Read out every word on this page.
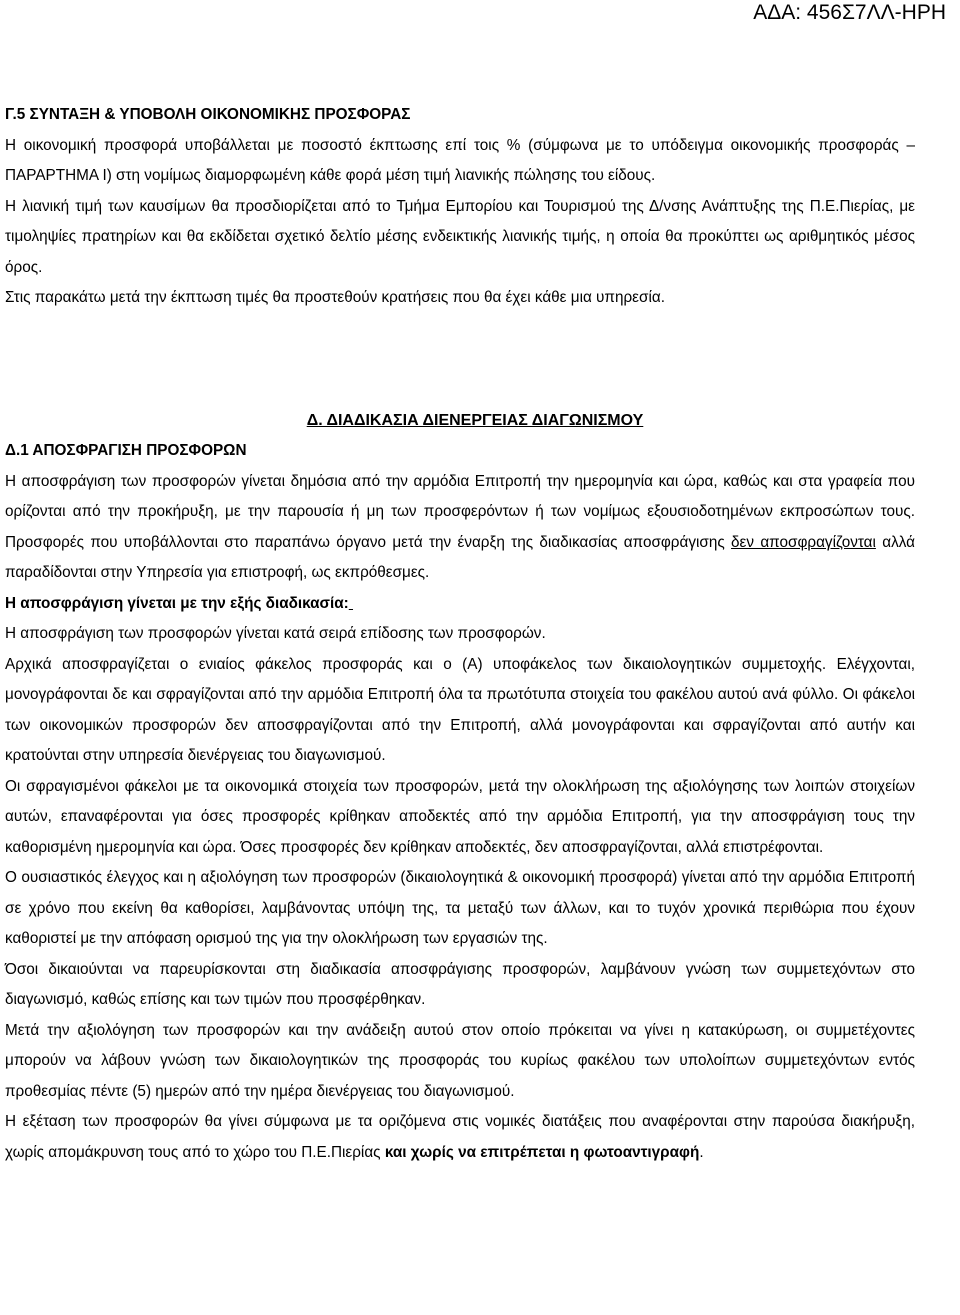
ΑΔΑ: 456Σ7ΛΛ-ΗΡΗ

Γ.5 ΣΥΝΤΑΞΗ & ΥΠΟΒΟΛΗ ΟΙΚΟΝΟΜΙΚΗΣ ΠΡΟΣΦΟΡΑΣ

Η οικονομική προσφορά υποβάλλεται με ποσοστό έκπτωσης επί τοις % (σύμφωνα με το υπόδειγμα οικονομικής προσφοράς – ΠΑΡΑΡΤΗΜΑ Ι) στη νομίμως διαμορφωμένη κάθε φορά μέση τιμή λιανικής πώλησης του είδους.

Η λιανική τιμή των καυσίμων θα προσδιορίζεται από το Τμήμα Εμπορίου και Τουρισμού της Δ/νσης Ανάπτυξης της Π.Ε.Πιερίας, με τιμοληψίες πρατηρίων και θα εκδίδεται σχετικό δελτίο μέσης ενδεικτικής λιανικής τιμής, η οποία θα προκύπτει ως αριθμητικός μέσος όρος.

Στις παρακάτω μετά την έκπτωση τιμές θα προστεθούν κρατήσεις που θα έχει κάθε μια υπηρεσία.

Δ. ΔΙΑΔΙΚΑΣΙΑ ΔΙΕΝΕΡΓΕΙΑΣ ΔΙΑΓΩΝΙΣΜΟΥ

Δ.1 ΑΠΟΣΦΡΑΓΙΣΗ ΠΡΟΣΦΟΡΩΝ

Η αποσφράγιση των προσφορών γίνεται δημόσια από την αρμόδια Επιτροπή την ημερομηνία και ώρα, καθώς και στα γραφεία που ορίζονται από την προκήρυξη, με την παρουσία ή μη των προσφερόντων ή των νομίμως εξουσιοδοτημένων εκπροσώπων τους. Προσφορές που υποβάλλονται στο παραπάνω όργανο μετά την έναρξη της διαδικασίας αποσφράγισης δεν αποσφραγίζονται αλλά παραδίδονται στην Υπηρεσία για επιστροφή, ως εκπρόθεσμες.

Η αποσφράγιση γίνεται με την εξής διαδικασία:

Η αποσφράγιση των προσφορών γίνεται κατά σειρά επίδοσης των προσφορών.

Αρχικά αποσφραγίζεται ο ενιαίος φάκελος προσφοράς και ο (Α) υποφάκελος των δικαιολογητικών συμμετοχής. Ελέγχονται, μονογράφονται δε και σφραγίζονται από την αρμόδια Επιτροπή όλα τα πρωτότυπα στοιχεία του φακέλου αυτού ανά φύλλο. Οι φάκελοι των οικονομικών προσφορών δεν αποσφραγίζονται από την Επιτροπή, αλλά μονογράφονται και σφραγίζονται από αυτήν και κρατούνται στην υπηρεσία διενέργειας του διαγωνισμού.

Οι σφραγισμένοι φάκελοι με τα οικονομικά στοιχεία των προσφορών, μετά την ολοκλήρωση της αξιολόγησης των λοιπών στοιχείων αυτών, επαναφέρονται για όσες προσφορές κρίθηκαν αποδεκτές από την αρμόδια Επιτροπή, για την αποσφράγιση τους την καθορισμένη ημερομηνία και ώρα. Όσες προσφορές δεν κρίθηκαν αποδεκτές, δεν αποσφραγίζονται, αλλά επιστρέφονται.

Ο ουσιαστικός έλεγχος και η αξιολόγηση των προσφορών (δικαιολογητικά & οικονομική προσφορά) γίνεται από την αρμόδια Επιτροπή σε χρόνο που εκείνη θα καθορίσει, λαμβάνοντας υπόψη της, τα μεταξύ των άλλων, και το τυχόν χρονικά περιθώρια που έχουν καθοριστεί με την απόφαση ορισμού της για την ολοκλήρωση των εργασιών της.

Όσοι δικαιούνται να παρευρίσκονται στη διαδικασία αποσφράγισης προσφορών, λαμβάνουν γνώση των συμμετεχόντων στο διαγωνισμό, καθώς επίσης και των τιμών που προσφέρθηκαν.

Μετά την αξιολόγηση των προσφορών και την ανάδειξη αυτού στον οποίο πρόκειται να γίνει η κατακύρωση, οι συμμετέχοντες μπορούν να λάβουν γνώση των δικαιολογητικών της προσφοράς του κυρίως φακέλου των υπολοίπων συμμετεχόντων εντός προθεσμίας πέντε (5) ημερών από την ημέρα διενέργειας του διαγωνισμού.

Η εξέταση των προσφορών θα γίνει σύμφωνα με τα οριζόμενα στις νομικές διατάξεις που αναφέρονται στην παρούσα διακήρυξη, χωρίς απομάκρυνση τους από το χώρο του Π.Ε.Πιερίας και χωρίς να επιτρέπεται η φωτοαντιγραφή.
